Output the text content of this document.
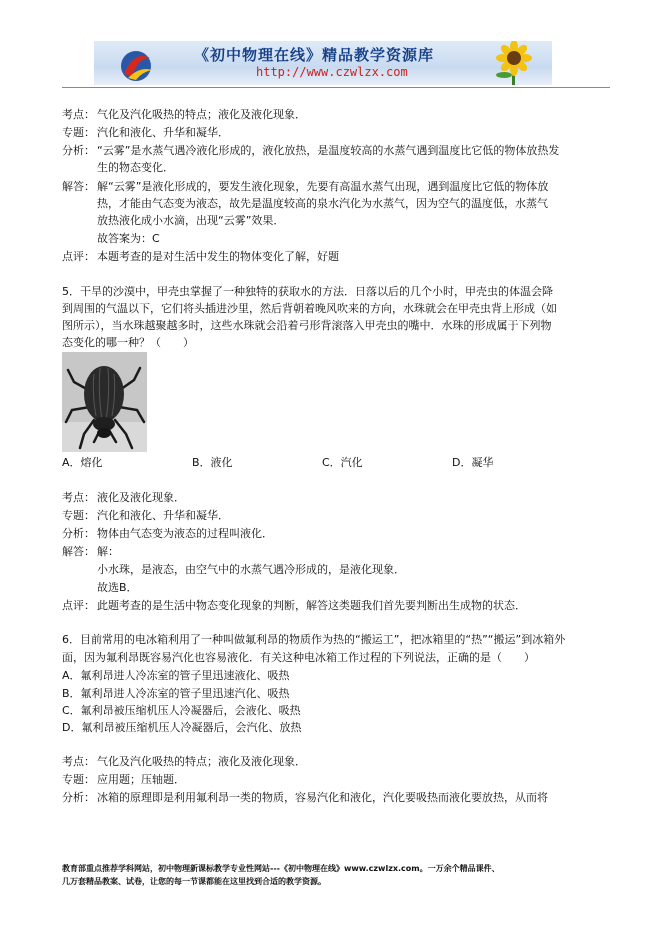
《初中物理在线》精品教学资源库
http://www.czwlzx.com
考点： 气化及汽化吸热的特点；液化及液化现象．
专题： 汽化和液化、升华和凝华．
分析： “云雾”是水蒸气遇冷液化形成的，液化放热，是温度较高的水蒸气遇到温度比它低的物体放热发
生的物态变化．
解答： 解“云雾”是液化形成的，要发生液化现象，先要有高温水蒸气出现，遇到温度比它低的物体放
热，才能由气态变为液态，故先是温度较高的泉水汽化为水蒸气，因为空气的温度低，水蒸气
放热液化成小水滴，出现“云雾”效果．
故答案为：C
点评： 本题考查的是对生活中发生的物体变化了解，好题
5．干旱的沙漠中，甲壳虫掌握了一种独特的获取水的方法．日落以后的几个小时，甲壳虫的体温会降
到周围的气温以下，它们将头插进沙里，然后背朝着晚风吹来的方向，水珠就会在甲壳虫背上形成（如
图所示），当水珠越聚越多时，这些水珠就会沿着弓形背滚落入甲壳虫的嘴中．水珠的形成属于下列物
态变化的哪一种？（　　）
A．熔化	B．液化	C．汽化	D．凝华
考点： 液化及液化现象．
专题： 汽化和液化、升华和凝华．
分析： 物体由气态变为液态的过程叫液化．
解答： 解：
小水珠，是液态，由空气中的水蒸气遇冷形成的，是液化现象．
故选B．
点评： 此题考查的是生活中物态变化现象的判断，解答这类题我们首先要判断出生成物的状态．
6．目前常用的电冰箱利用了一种叫做氟利昂的物质作为热的“搬运工”，把冰箱里的“热”“搬运”到冰箱外
面，因为氟利昂既容易汽化也容易液化．有关这种电冰箱工作过程的下列说法，正确的是（　　）
A．氟利昂进人冷冻室的管子里迅速液化、吸热
B．氟利昂进人冷冻室的管子里迅速汽化、吸热
C．氟利昂被压缩机压人冷凝器后，会液化、吸热
D．氟利昂被压缩机压人冷凝器后，会汽化、放热
考点： 气化及汽化吸热的特点；液化及液化现象．
专题： 应用题；压轴题．
分析： 冰箱的原理即是利用氟利昂一类的物质，容易汽化和液化，汽化要吸热而液化要放热，从而将
教育部重点推荐学科网站，初中物理新课标教学专业性网站---《初中物理在线》www.czwlzx.com。一万余个精品课件、
几万套精品教案、试卷，让您的每一节课都能在这里找到合适的教学资源。
